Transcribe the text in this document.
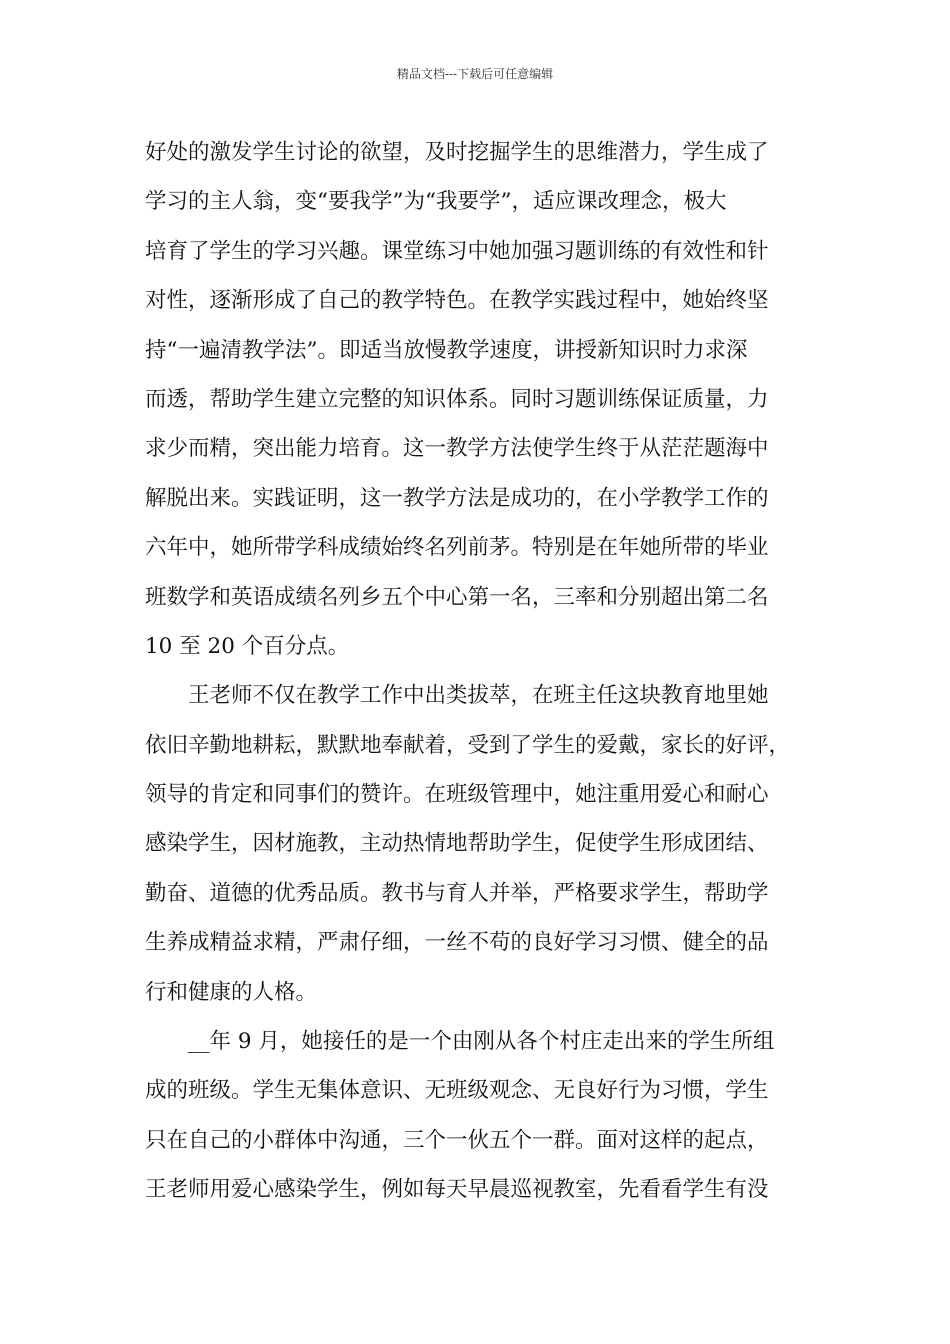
精品文档---下载后可任意编辑
好处的激发学生讨论的欲望，及时挖掘学生的思维潜力，学生成了
学习的主人翁，变“要我学”为“我要学”，适应课改理念，极大
培育了学生的学习兴趣。课堂练习中她加强习题训练的有效性和针
对性，逐渐形成了自己的教学特色。在教学实践过程中，她始终坚
持“一遍清教学法”。即适当放慢教学速度，讲授新知识时力求深
而透，帮助学生建立完整的知识体系。同时习题训练保证质量，力
求少而精，突出能力培育。这一教学方法使学生终于从茫茫题海中
解脱出来。实践证明，这一教学方法是成功的，在小学教学工作的
六年中，她所带学科成绩始终名列前茅。特别是在年她所带的毕业
班数学和英语成绩名列乡五个中心第一名，三率和分别超出第二名
10 至 20 个百分点。
王老师不仅在教学工作中出类拔萃，在班主任这块教育地里她
依旧辛勤地耕耘，默默地奉献着，受到了学生的爱戴，家长的好评，
领导的肯定和同事们的赞许。在班级管理中，她注重用爱心和耐心
感染学生，因材施教，主动热情地帮助学生，促使学生形成团结、
勤奋、道德的优秀品质。教书与育人并举，严格要求学生，帮助学
生养成精益求精，严肃仔细，一丝不苟的良好学习习惯、健全的品
行和健康的人格。
__年 9 月，她接任的是一个由刚从各个村庄走出来的学生所组
成的班级。学生无集体意识、无班级观念、无良好行为习惯，学生
只在自己的小群体中沟通，三个一伙五个一群。面对这样的起点，
王老师用爱心感染学生，例如每天早晨巡视教室，先看看学生有没
